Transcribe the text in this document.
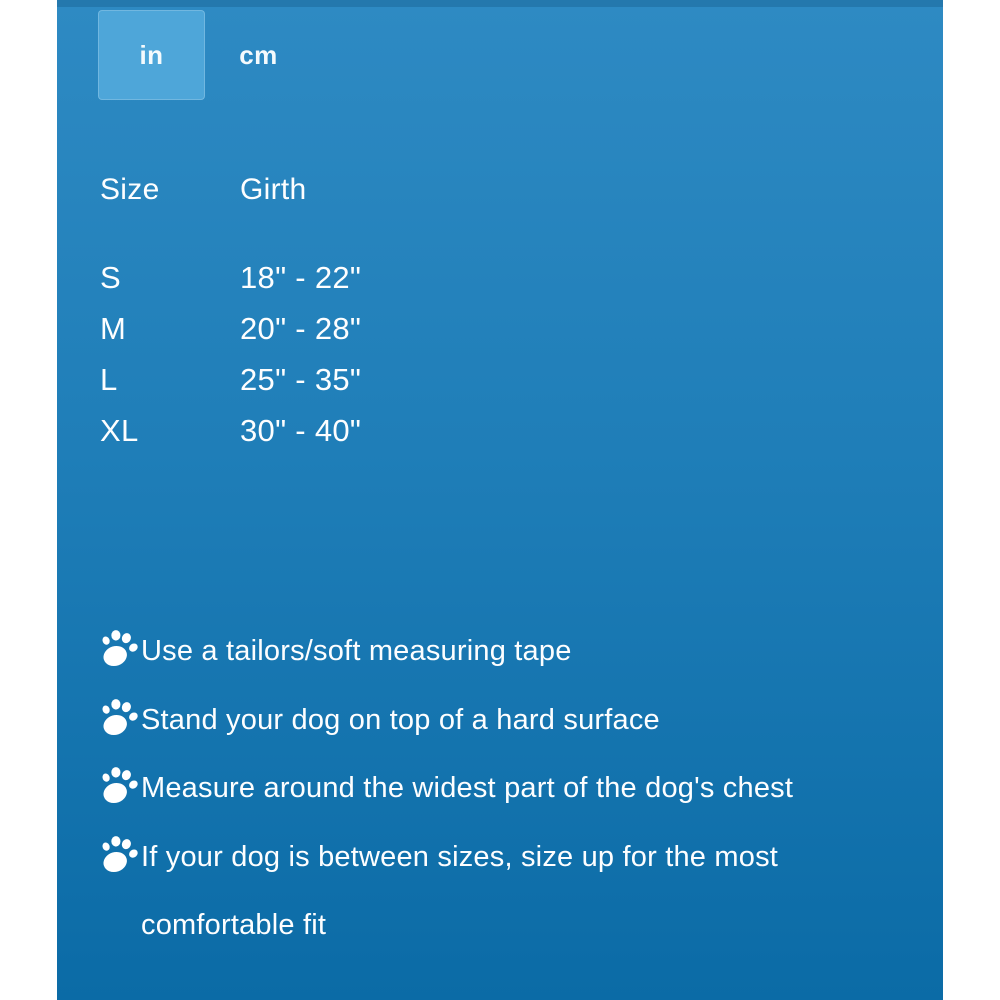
in	cm
Size	Girth
S	18" - 22"
M	20" - 28"
L	25" - 35"
XL	30" - 40"
Use a tailors/soft measuring tape
Stand your dog on top of a hard surface
Measure around the widest part of the dog's chest
If your dog is between sizes, size up for the most comfortable fit
